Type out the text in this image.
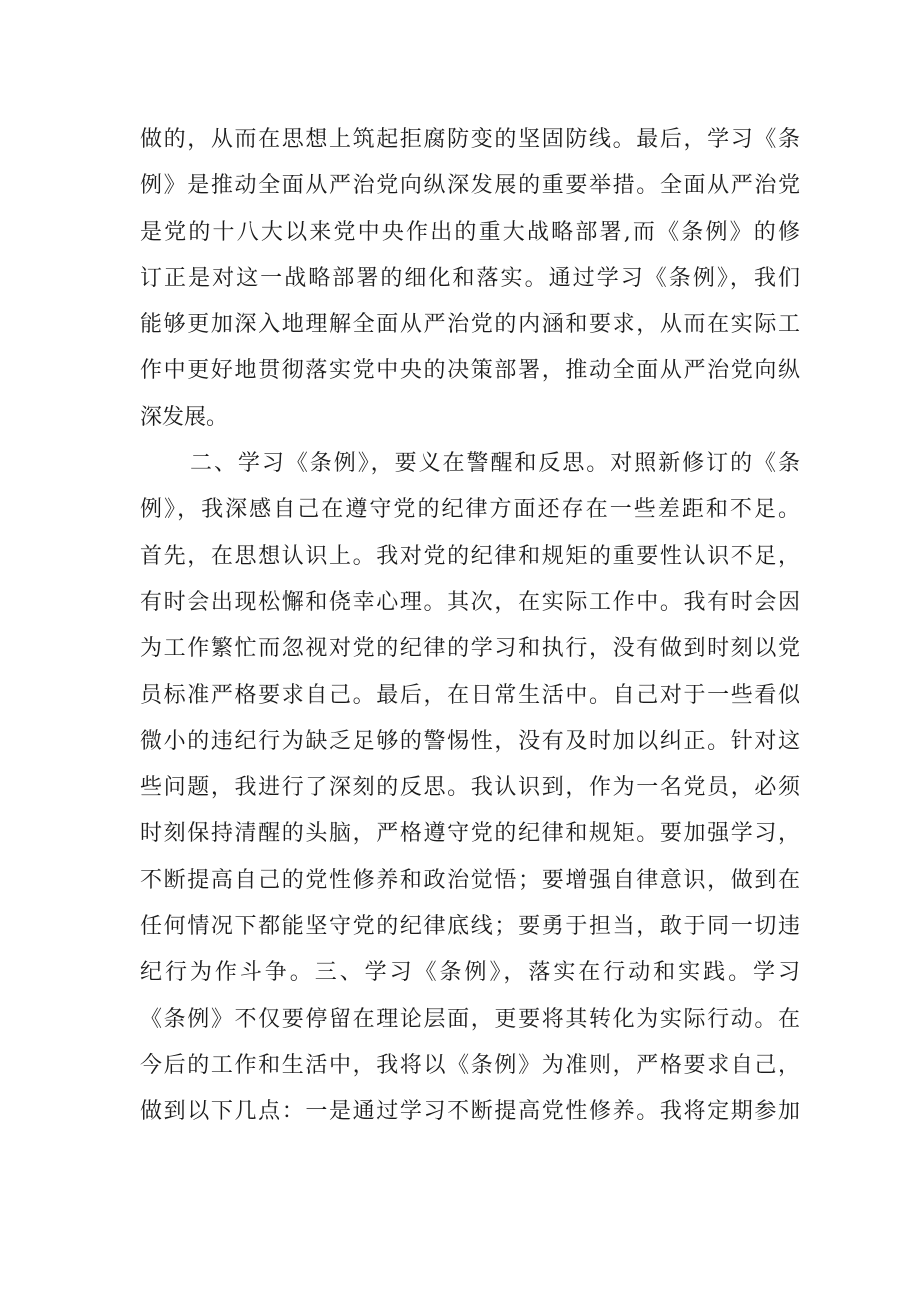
做的，从而在思想上筑起拒腐防变的坚固防线。最后，学习《条
例》是推动全面从严治党向纵深发展的重要举措。全面从严治党
是党的十八大以来党中央作出的重大战略部署,而《条例》的修
订正是对这一战略部署的细化和落实。通过学习《条例》，我们
能够更加深入地理解全面从严治党的内涵和要求，从而在实际工
作中更好地贯彻落实党中央的决策部署，推动全面从严治党向纵
深发展。
二、学习《条例》，要义在警醒和反思。对照新修订的《条
例》，我深感自己在遵守党的纪律方面还存在一些差距和不足。
首先，在思想认识上。我对党的纪律和规矩的重要性认识不足，
有时会出现松懈和侥幸心理。其次，在实际工作中。我有时会因
为工作繁忙而忽视对党的纪律的学习和执行，没有做到时刻以党
员标准严格要求自己。最后，在日常生活中。自己对于一些看似
微小的违纪行为缺乏足够的警惕性，没有及时加以纠正。针对这
些问题，我进行了深刻的反思。我认识到，作为一名党员，必须
时刻保持清醒的头脑，严格遵守党的纪律和规矩。要加强学习，
不断提高自己的党性修养和政治觉悟；要增强自律意识，做到在
任何情况下都能坚守党的纪律底线；要勇于担当，敢于同一切违
纪行为作斗争。三、学习《条例》，落实在行动和实践。学习
《条例》不仅要停留在理论层面，更要将其转化为实际行动。在
今后的工作和生活中，我将以《条例》为准则，严格要求自己，
做到以下几点：一是通过学习不断提高党性修养。我将定期参加
